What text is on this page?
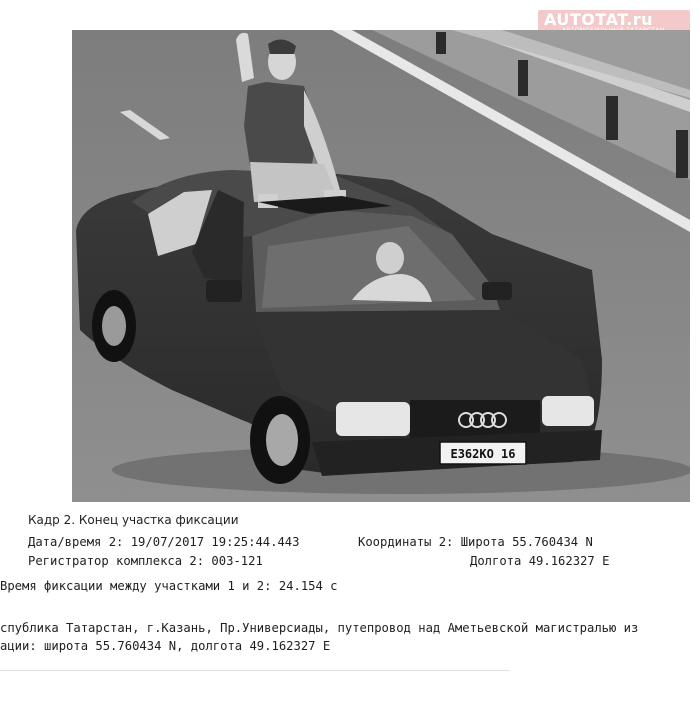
AUTOTAT.ru
Е362КО 16
Кадр 2. Конец участка фиксации
Дата/время 2: 19/07/2017 19:25:44.443	Координаты 2: Широта 55.760434 N
Регистратор комплекса 2: 003-121	Долгота 49.162327 E
Время фиксации между участками 1 и 2: 24.154 с
спублика Татарстан, г.Казань, Пр.Универсиады, путепровод над Аметьевской магистралью из
ации: широта 55.760434 N, долгота 49.162327 E
